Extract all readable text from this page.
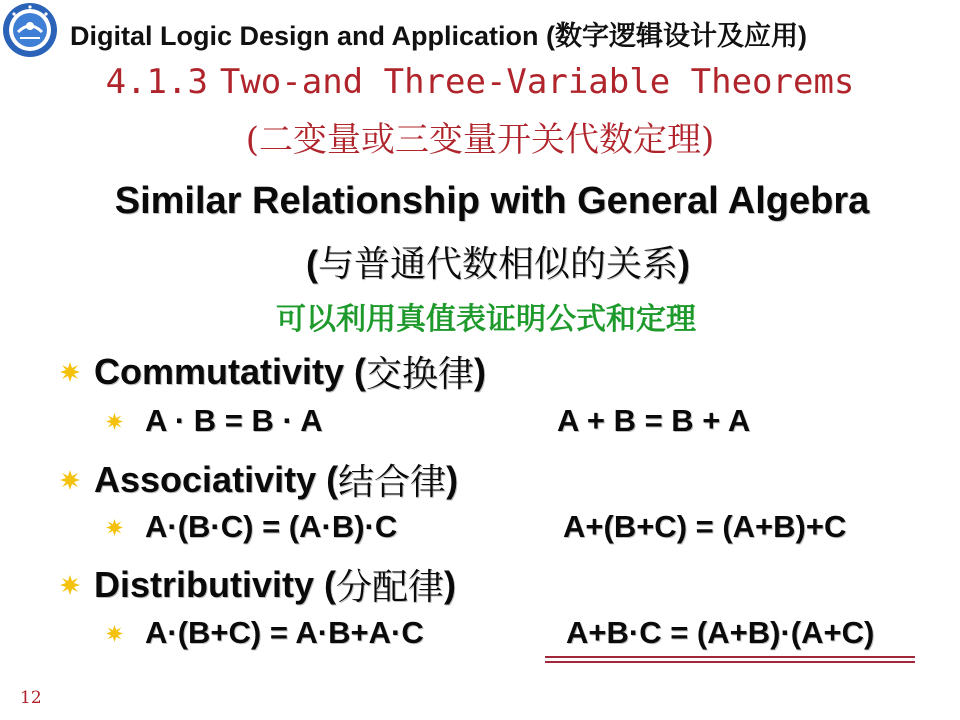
Digital Logic Design and Application (数字逻辑设计及应用)
4.1.3 Two-and Three-Variable Theorems
(二变量或三变量开关代数定理)
Similar Relationship with General Algebra
(与普通代数相似的关系)
可以利用真值表证明公式和定理
Commutativity ( 交换律 )
A · B = B · A	A + B = B + A
Associativity ( 结合律 )
A·(B·C) = (A·B)·C	A+(B+C) = (A+B)+C
Distributivity ( 分配律 )
A·(B+C) = A·B+A·C	A+B·C = (A+B)·(A+C)
12
